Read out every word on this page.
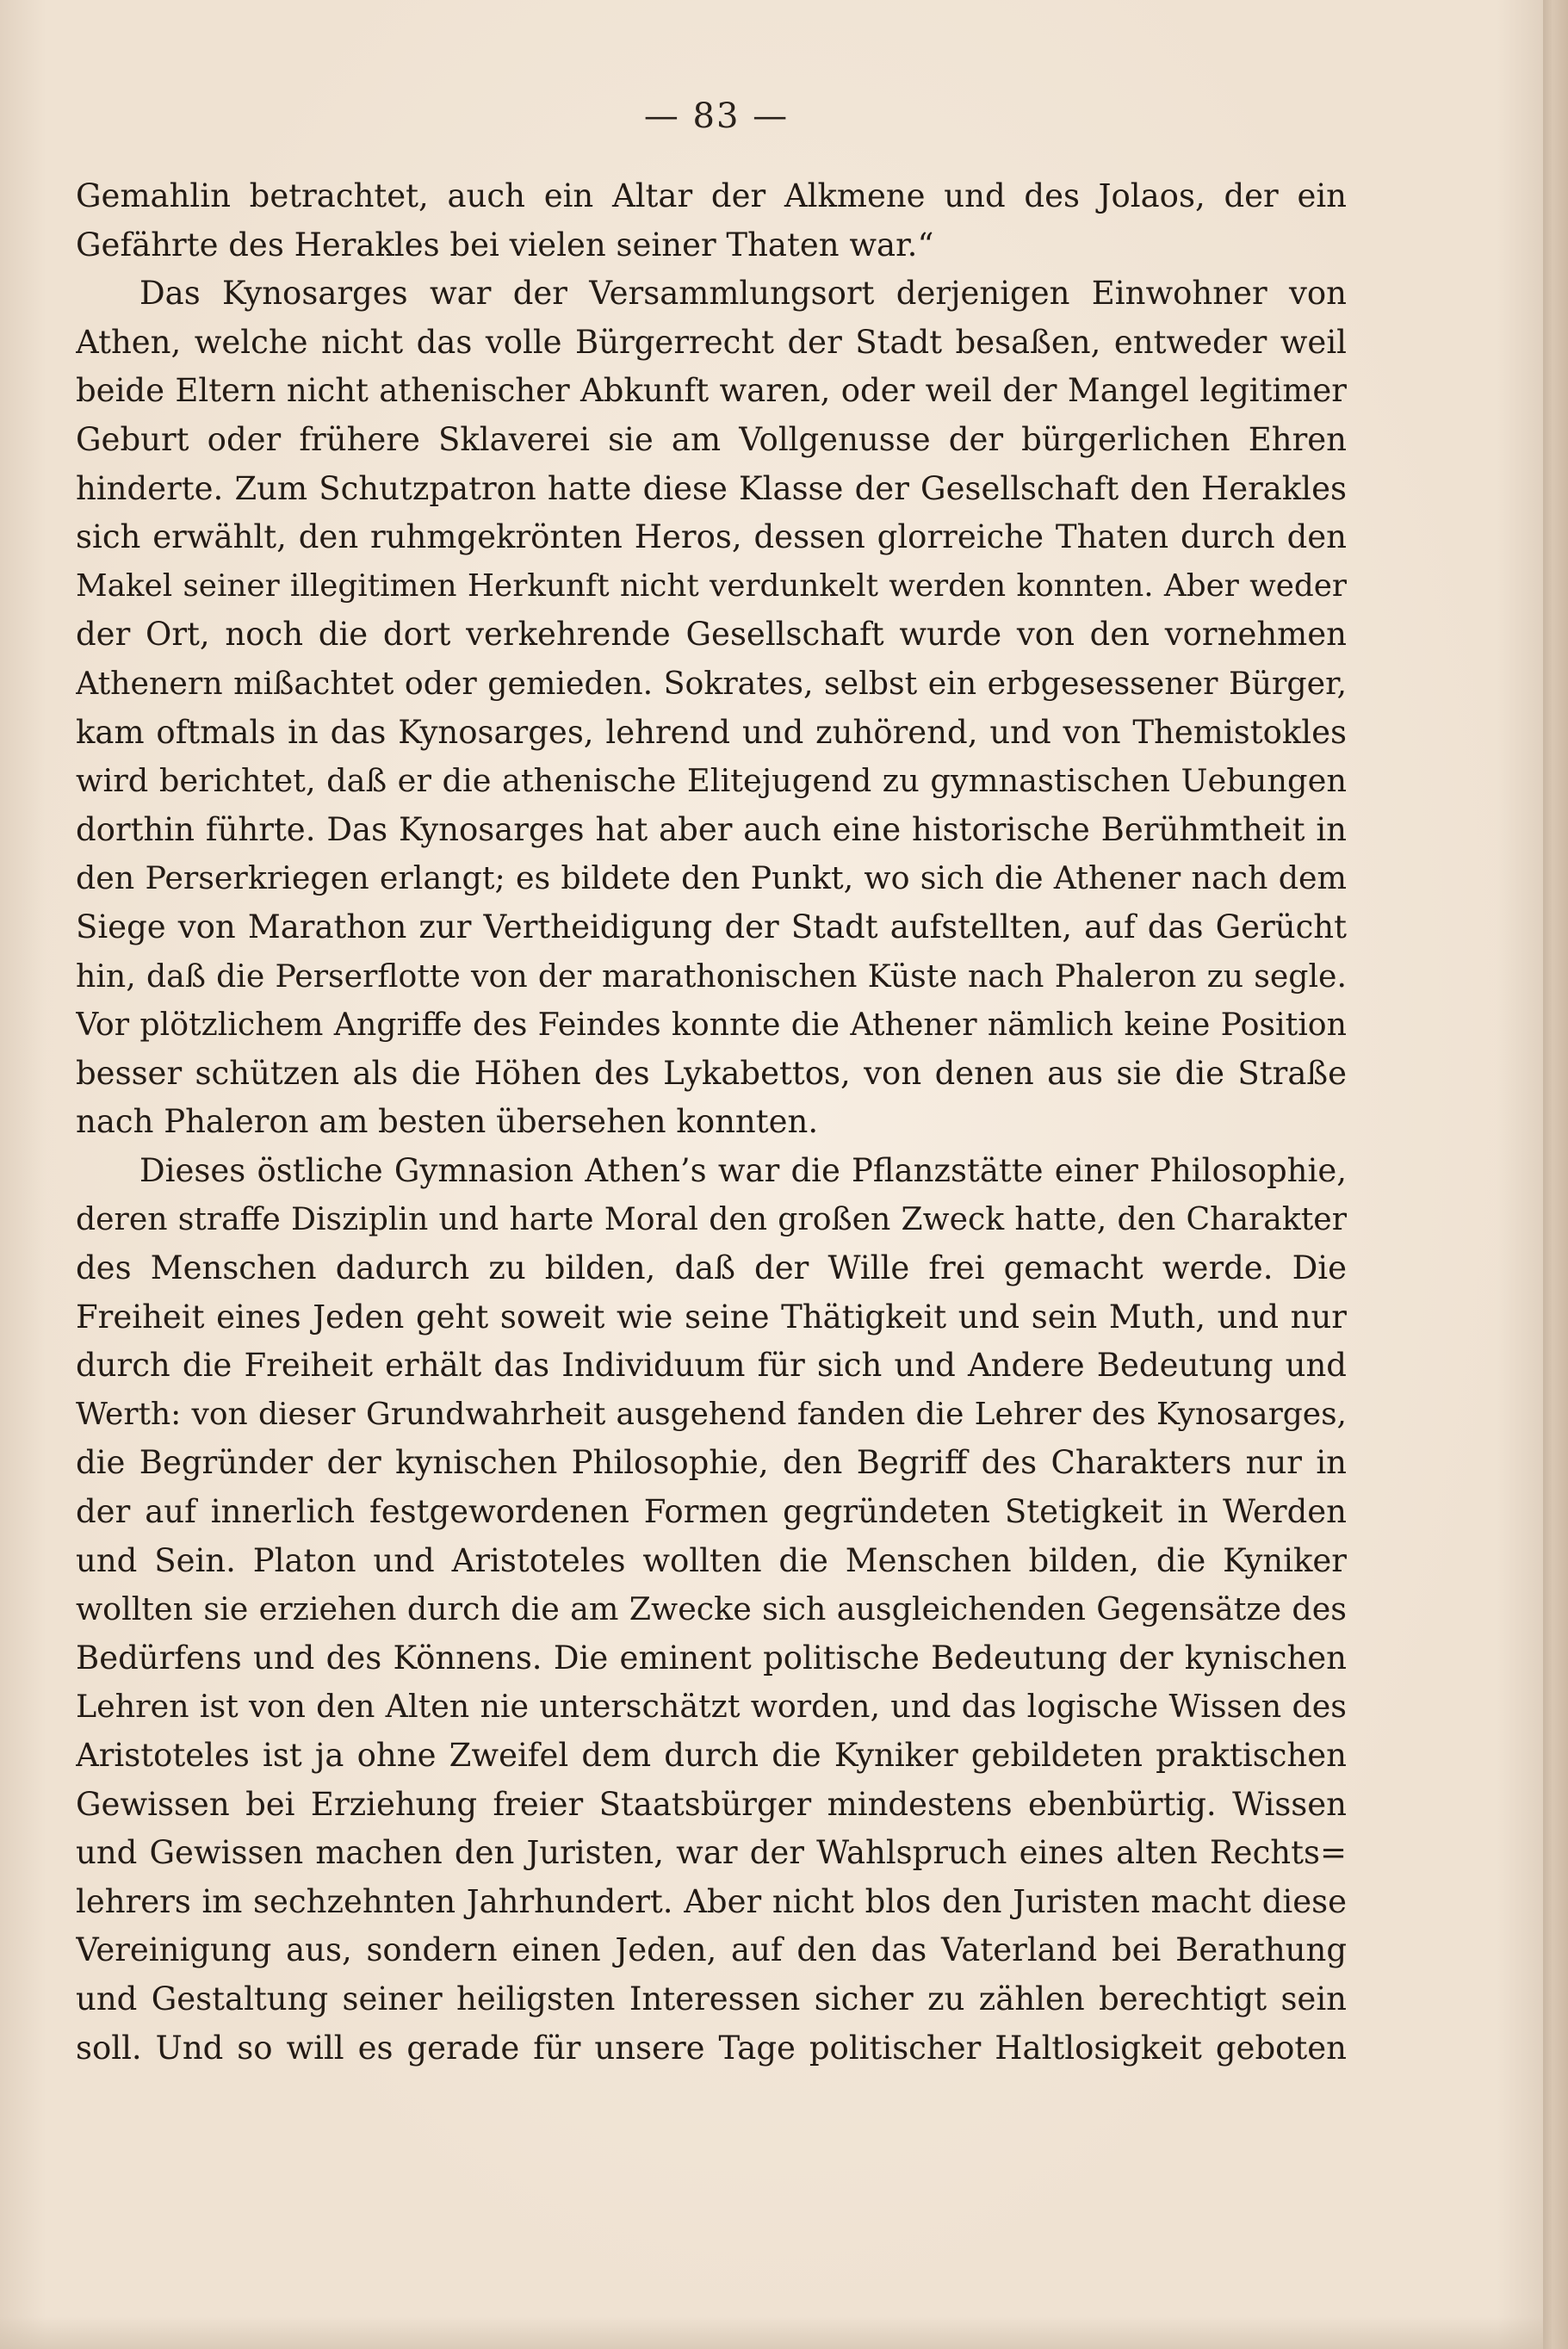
— 83 —
Gemahlin betrachtet, auch ein Altar der Alkmene und des Jolaos, der ein
Gefährte des Herakles bei vielen seiner Thaten war.“
Das Kynosarges war der Versammlungsort derjenigen Einwohner von
Athen, welche nicht das volle Bürgerrecht der Stadt besaßen, entweder weil
beide Eltern nicht athenischer Abkunft waren, oder weil der Mangel legitimer
Geburt oder frühere Sklaverei sie am Vollgenusse der bürgerlichen Ehren
hinderte. Zum Schutzpatron hatte diese Klasse der Gesellschaft den Herakles
sich erwählt, den ruhmgekrönten Heros, dessen glorreiche Thaten durch den
Makel seiner illegitimen Herkunft nicht verdunkelt werden konnten. Aber weder
der Ort, noch die dort verkehrende Gesellschaft wurde von den vornehmen
Athenern mißachtet oder gemieden. Sokrates, selbst ein erbgesessener Bürger,
kam oftmals in das Kynosarges, lehrend und zuhörend, und von Themistokles
wird berichtet, daß er die athenische Elitejugend zu gymnastischen Uebungen
dorthin führte. Das Kynosarges hat aber auch eine historische Berühmtheit in
den Perserkriegen erlangt; es bildete den Punkt, wo sich die Athener nach dem
Siege von Marathon zur Vertheidigung der Stadt aufstellten, auf das Gerücht
hin, daß die Perserflotte von der marathonischen Küste nach Phaleron zu segle.
Vor plötzlichem Angriffe des Feindes konnte die Athener nämlich keine Position
besser schützen als die Höhen des Lykabettos, von denen aus sie die Straße
nach Phaleron am besten übersehen konnten.
Dieses östliche Gymnasion Athen’s war die Pflanzstätte einer Philosophie,
deren straffe Disziplin und harte Moral den großen Zweck hatte, den Charakter
des Menschen dadurch zu bilden, daß der Wille frei gemacht werde. Die
Freiheit eines Jeden geht soweit wie seine Thätigkeit und sein Muth, und nur
durch die Freiheit erhält das Individuum für sich und Andere Bedeutung und
Werth: von dieser Grundwahrheit ausgehend fanden die Lehrer des Kynosarges,
die Begründer der kynischen Philosophie, den Begriff des Charakters nur in
der auf innerlich festgewordenen Formen gegründeten Stetigkeit in Werden
und Sein. Platon und Aristoteles wollten die Menschen bilden, die Kyniker
wollten sie erziehen durch die am Zwecke sich ausgleichenden Gegensätze des
Bedürfens und des Könnens. Die eminent politische Bedeutung der kynischen
Lehren ist von den Alten nie unterschätzt worden, und das logische Wissen des
Aristoteles ist ja ohne Zweifel dem durch die Kyniker gebildeten praktischen
Gewissen bei Erziehung freier Staatsbürger mindestens ebenbürtig. Wissen
und Gewissen machen den Juristen, war der Wahlspruch eines alten Rechts=
lehrers im sechzehnten Jahrhundert. Aber nicht blos den Juristen macht diese
Vereinigung aus, sondern einen Jeden, auf den das Vaterland bei Berathung
und Gestaltung seiner heiligsten Interessen sicher zu zählen berechtigt sein
soll. Und so will es gerade für unsere Tage politischer Haltlosigkeit geboten
